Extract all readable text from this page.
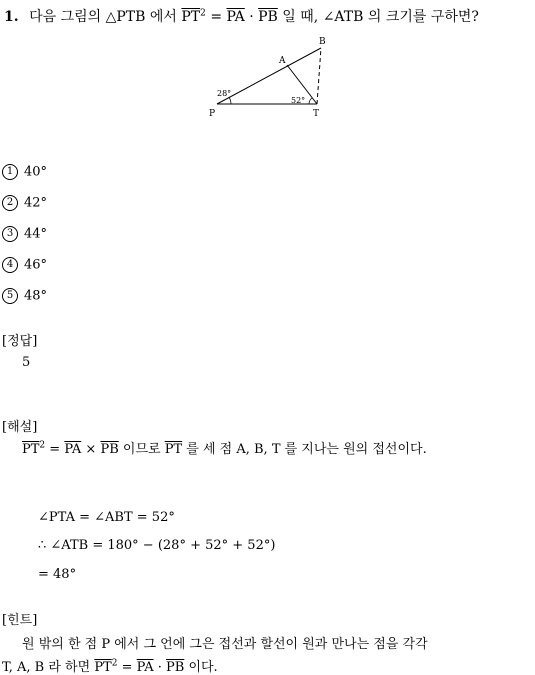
1. 다음 그림의 △PTB 에서 $\overline{PT}^2 = \overline{PA} \cdot \overline{PB}$ 일 때, ∠ATB 의 크기를 구하면?
B
A
P	T
28°
52°
1 40°
2 42°
3 44°
4 46°
5 48°
[정답]
5
[해설]
$\overline{PT}^2 = \overline{PA} \times \overline{PB}$ 이므로 $\overline{PT}$ 를 세 점 A, B, T 를 지나는 원의 접선이다.
∠PTA = ∠ABT = 52°
∴ ∠ATB = 180° − (28° + 52° + 52°)
= 48°
[힌트]
원 밖의 한 점 P 에서 그 언에 그은 접선과 할선이 원과 만나는 점을 각각
T, A, B 라 하면 $\overline{PT}^2 = \overline{PA} \cdot \overline{PB}$ 이다.
